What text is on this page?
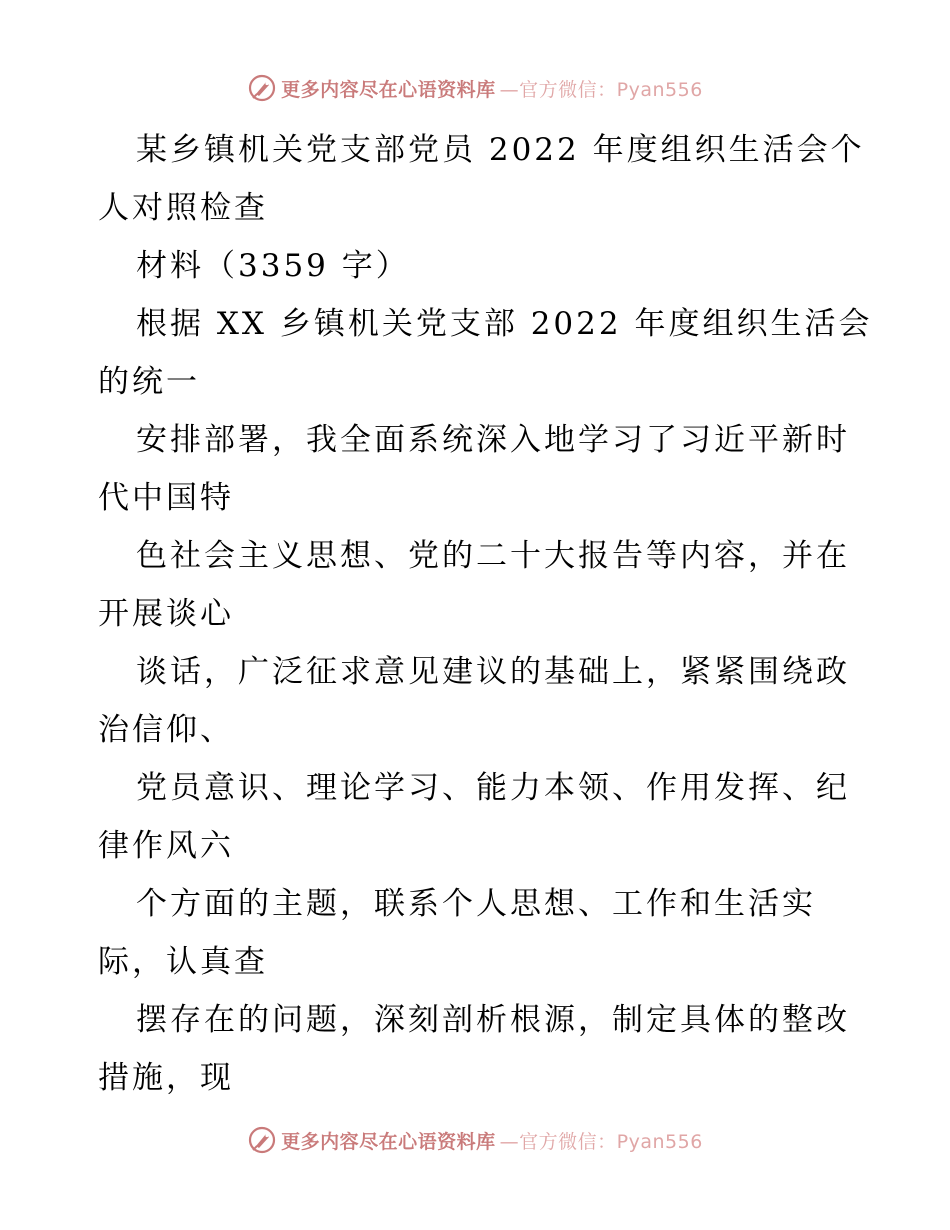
更多内容尽在心语资料库 —官方微信：Pyan556
某乡镇机关党支部党员 2022 年度组织生活会个
人对照检查
材料（3359 字）
根据 XX 乡镇机关党支部 2022 年度组织生活会
的统一
安排部署，我全面系统深入地学习了习近平新时
代中国特
色社会主义思想、党的二十大报告等内容，并在
开展谈心
谈话，广泛征求意见建议的基础上，紧紧围绕政
治信仰、
党员意识、理论学习、能力本领、作用发挥、纪
律作风六
个方面的主题，联系个人思想、工作和生活实
际，认真查
摆存在的问题，深刻剖析根源，制定具体的整改
措施，现
更多内容尽在心语资料库 —官方微信：Pyan556
